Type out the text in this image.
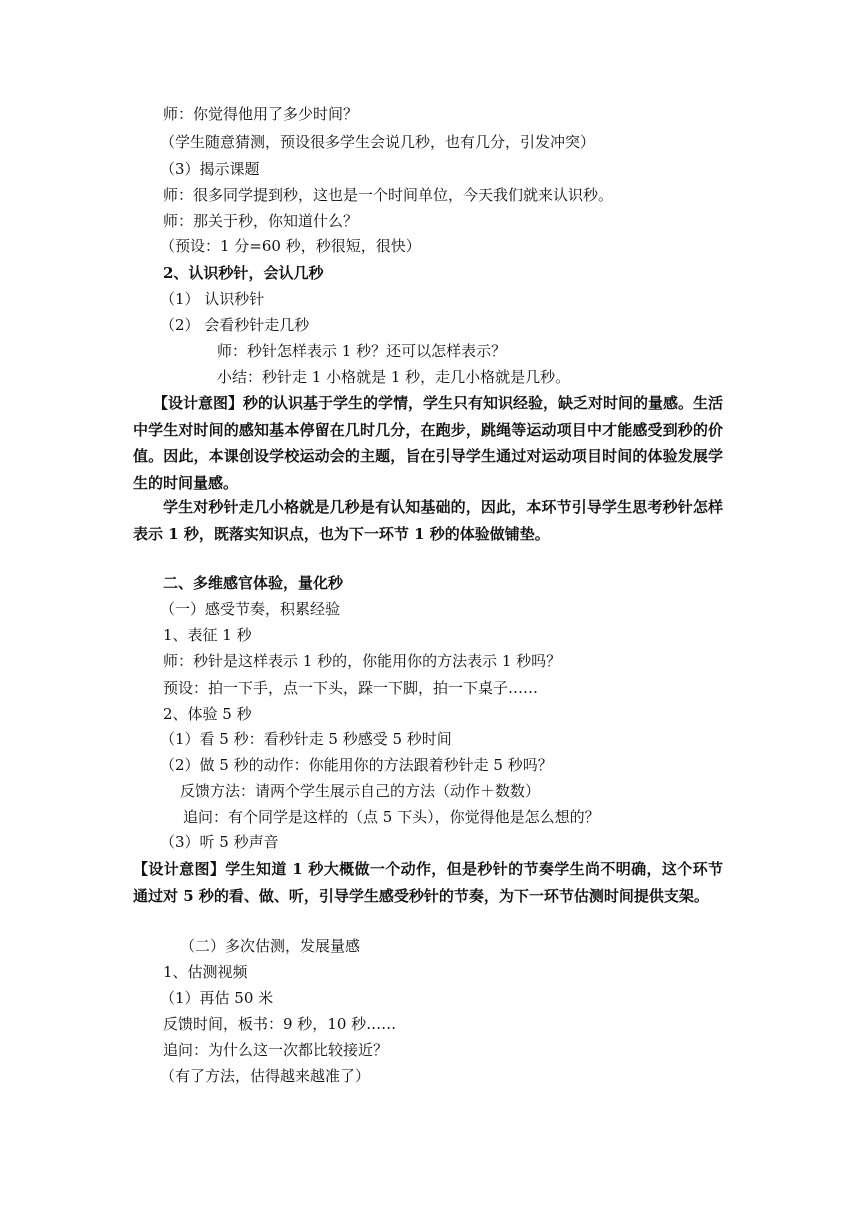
师：你觉得他用了多少时间？
（学生随意猜测，预设很多学生会说几秒，也有几分，引发冲突）
（3）揭示课题
师：很多同学提到秒，这也是一个时间单位，今天我们就来认识秒。
师：那关于秒，你知道什么？
（预设：1 分=60 秒，秒很短，很快）
2、认识秒针，会认几秒
（1） 认识秒针
（2） 会看秒针走几秒
师：秒针怎样表示 1 秒？还可以怎样表示？
小结：秒针走 1 小格就是 1 秒，走几小格就是几秒。
【设计意图】秒的认识基于学生的学情，学生只有知识经验，缺乏对时间的量感。生活中学生对时间的感知基本停留在几时几分，在跑步，跳绳等运动项目中才能感受到秒的价值。因此，本课创设学校运动会的主题，旨在引导学生通过对运动项目时间的体验发展学生的时间量感。
学生对秒针走几小格就是几秒是有认知基础的，因此，本环节引导学生思考秒针怎样表示 1 秒，既落实知识点，也为下一环节 1 秒的体验做铺垫。
二、多维感官体验，量化秒
（一）感受节奏，积累经验
1、表征 1 秒
师：秒针是这样表示 1 秒的，你能用你的方法表示 1 秒吗？
预设：拍一下手，点一下头，跺一下脚，拍一下桌子……
2、体验 5 秒
（1）看 5 秒：看秒针走 5 秒感受 5 秒时间
（2）做 5 秒的动作：你能用你的方法跟着秒针走 5 秒吗？
反馈方法：请两个学生展示自己的方法（动作＋数数）
追问：有个同学是这样的（点 5 下头），你觉得他是怎么想的？
（3）听 5 秒声音
【设计意图】学生知道 1 秒大概做一个动作，但是秒针的节奏学生尚不明确，这个环节通过对 5 秒的看、做、听，引导学生感受秒针的节奏，为下一环节估测时间提供支架。
（二）多次估测，发展量感
1、估测视频
（1）再估 50 米
反馈时间，板书：9 秒，10 秒……
追问：为什么这一次都比较接近？
（有了方法，估得越来越准了）
